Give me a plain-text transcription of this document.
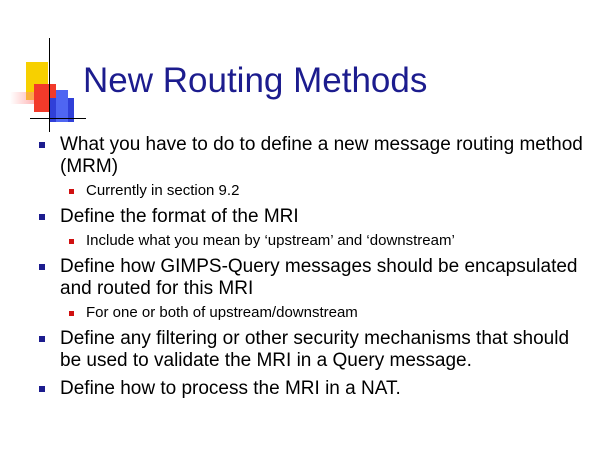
New Routing Methods
What you have to do to define a new message routing method (MRM)
Currently in section 9.2
Define the format of the MRI
Include what you mean by ‘upstream’ and ‘downstream’
Define how GIMPS-Query messages should be encapsulated and routed for this MRI
For one or both of upstream/downstream
Define any filtering or other security mechanisms that should be used to validate the MRI in a Query message.
Define how to process the MRI in a NAT.
